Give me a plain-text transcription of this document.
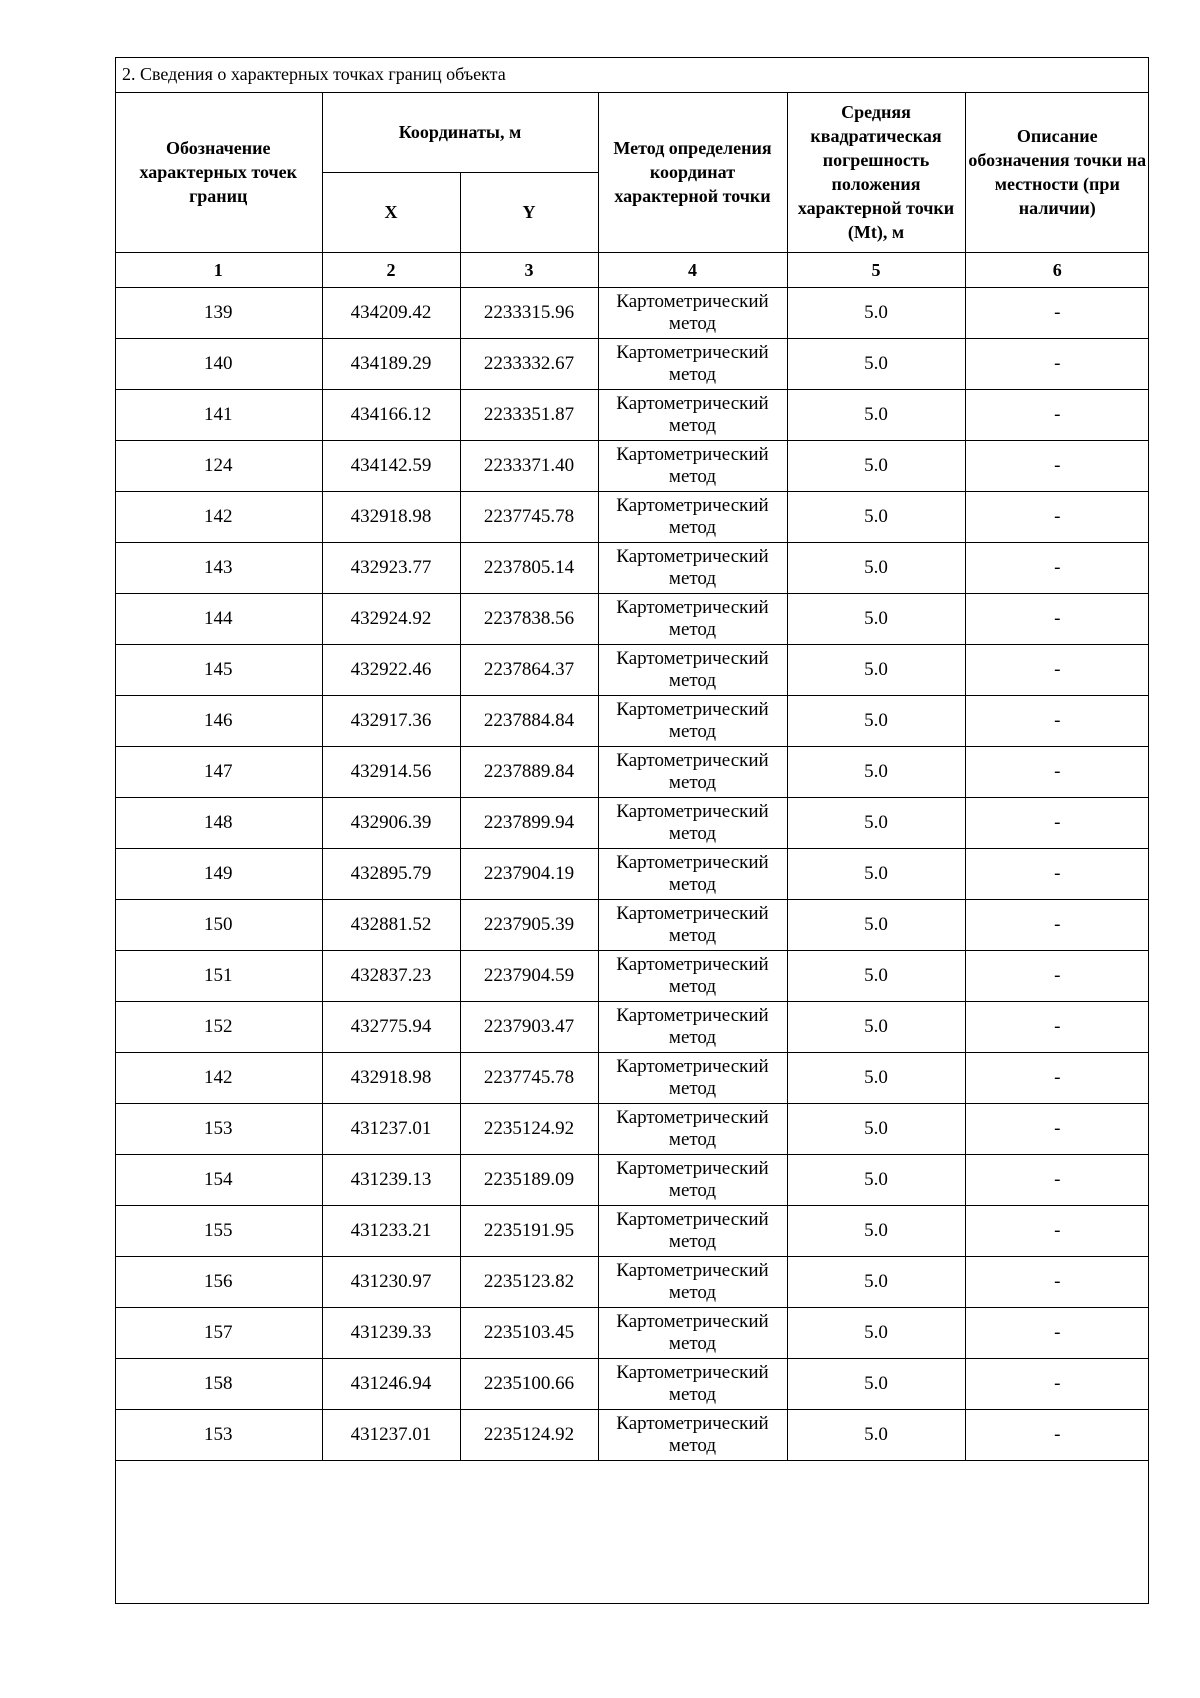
2. Сведения о характерных точках границ объекта
Обозначение характерных точек границ	Координаты, м		Метод определения координат характерной точки	Средняя квадратическая погрешность положения характерной точки (Mt), м	Описание обозначения точки на местности (при наличии)
	X	Y			
1	2	3	4	5	6
139	434209.42	2233315.96	Картометрический метод	5.0	-
140	434189.29	2233332.67	Картометрический метод	5.0	-
141	434166.12	2233351.87	Картометрический метод	5.0	-
124	434142.59	2233371.40	Картометрический метод	5.0	-
142	432918.98	2237745.78	Картометрический метод	5.0	-
143	432923.77	2237805.14	Картометрический метод	5.0	-
144	432924.92	2237838.56	Картометрический метод	5.0	-
145	432922.46	2237864.37	Картометрический метод	5.0	-
146	432917.36	2237884.84	Картометрический метод	5.0	-
147	432914.56	2237889.84	Картометрический метод	5.0	-
148	432906.39	2237899.94	Картометрический метод	5.0	-
149	432895.79	2237904.19	Картометрический метод	5.0	-
150	432881.52	2237905.39	Картометрический метод	5.0	-
151	432837.23	2237904.59	Картометрический метод	5.0	-
152	432775.94	2237903.47	Картометрический метод	5.0	-
142	432918.98	2237745.78	Картометрический метод	5.0	-
153	431237.01	2235124.92	Картометрический метод	5.0	-
154	431239.13	2235189.09	Картометрический метод	5.0	-
155	431233.21	2235191.95	Картометрический метод	5.0	-
156	431230.97	2235123.82	Картометрический метод	5.0	-
157	431239.33	2235103.45	Картометрический метод	5.0	-
158	431246.94	2235100.66	Картометрический метод	5.0	-
153	431237.01	2235124.92	Картометрический метод	5.0	-
